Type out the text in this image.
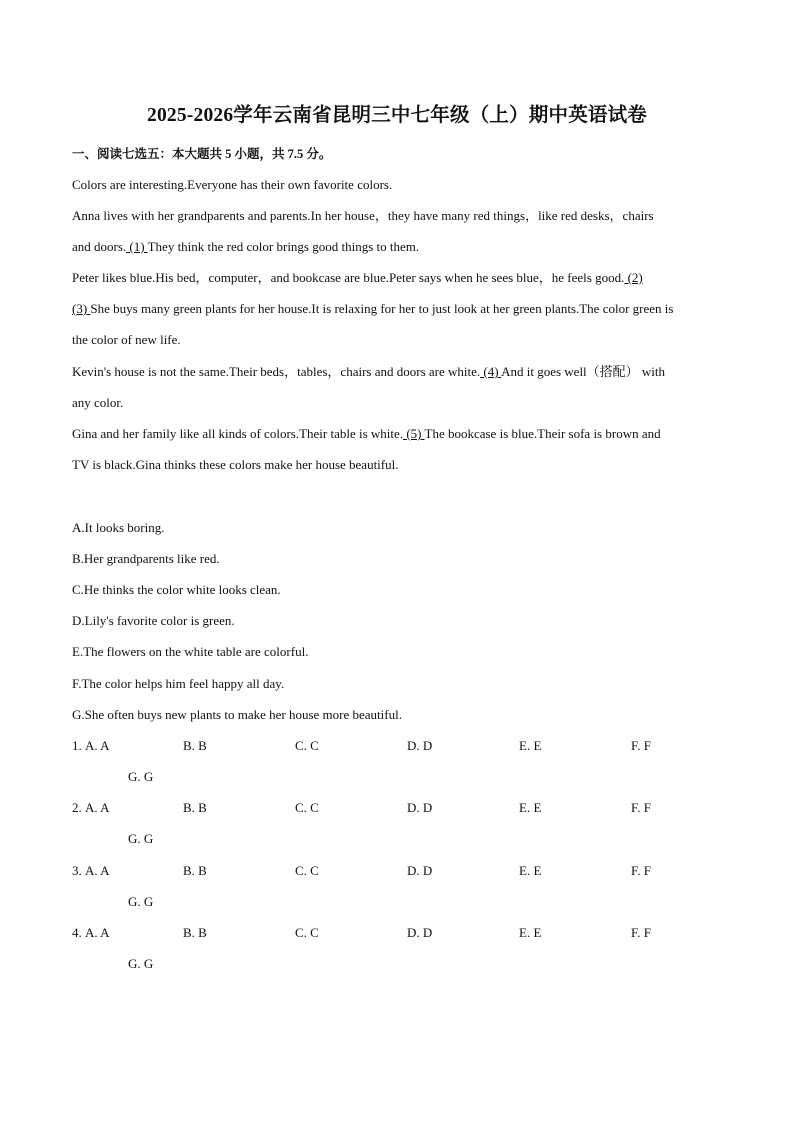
2025-2026学年云南省昆明三中七年级（上）期中英语试卷
一、阅读七选五：本大题共 5 小题，共 7.5 分。
Colors are interesting.Everyone has their own favorite colors.
Anna lives with her grandparents and parents.In her house，they have many red things，like red desks，chairs
and doors. (1) They think the red color brings good things to them.
Peter likes blue.His bed，computer，and bookcase are blue.Peter says when he sees blue，he feels good. (2)
(3) She buys many green plants for her house.It is relaxing for her to just look at her green plants.The color green is
the color of new life.
Kevin's house is not the same.Their beds，tables，chairs and doors are white. (4) And it goes well（搭配） with
any color.
Gina and her family like all kinds of colors.Their table is white. (5) The bookcase is blue.Their sofa is brown and
TV is black.Gina thinks these colors make her house beautiful.
A.It looks boring.
B.Her grandparents like red.
C.He thinks the color white looks clean.
D.Lily's favorite color is green.
E.The flowers on the white table are colorful.
F.The color helps him feel happy all day.
G.She often buys new plants to make her house more beautiful.
1. A. A	B. B	C. C	D. D	E. E	F. F
G. G
2. A. A	B. B	C. C	D. D	E. E	F. F
G. G
3. A. A	B. B	C. C	D. D	E. E	F. F
G. G
4. A. A	B. B	C. C	D. D	E. E	F. F
G. G
